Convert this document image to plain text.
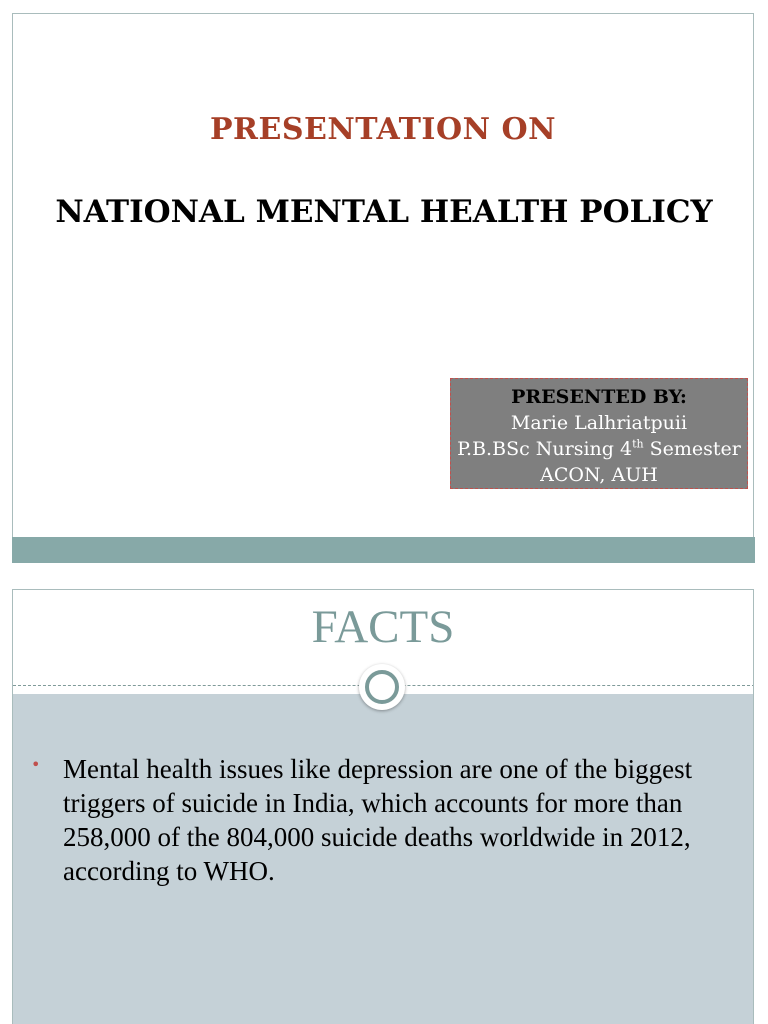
PRESENTATION ON
NATIONAL MENTAL HEALTH POLICY
PRESENTED BY:
Marie Lalhriatpuii
P.B.BSc Nursing 4th Semester
ACON, AUH
FACTS
• Mental health issues like depression are one of the biggest triggers of suicide in India, which accounts for more than 258,000 of the 804,000 suicide deaths worldwide in 2012, according to WHO.
